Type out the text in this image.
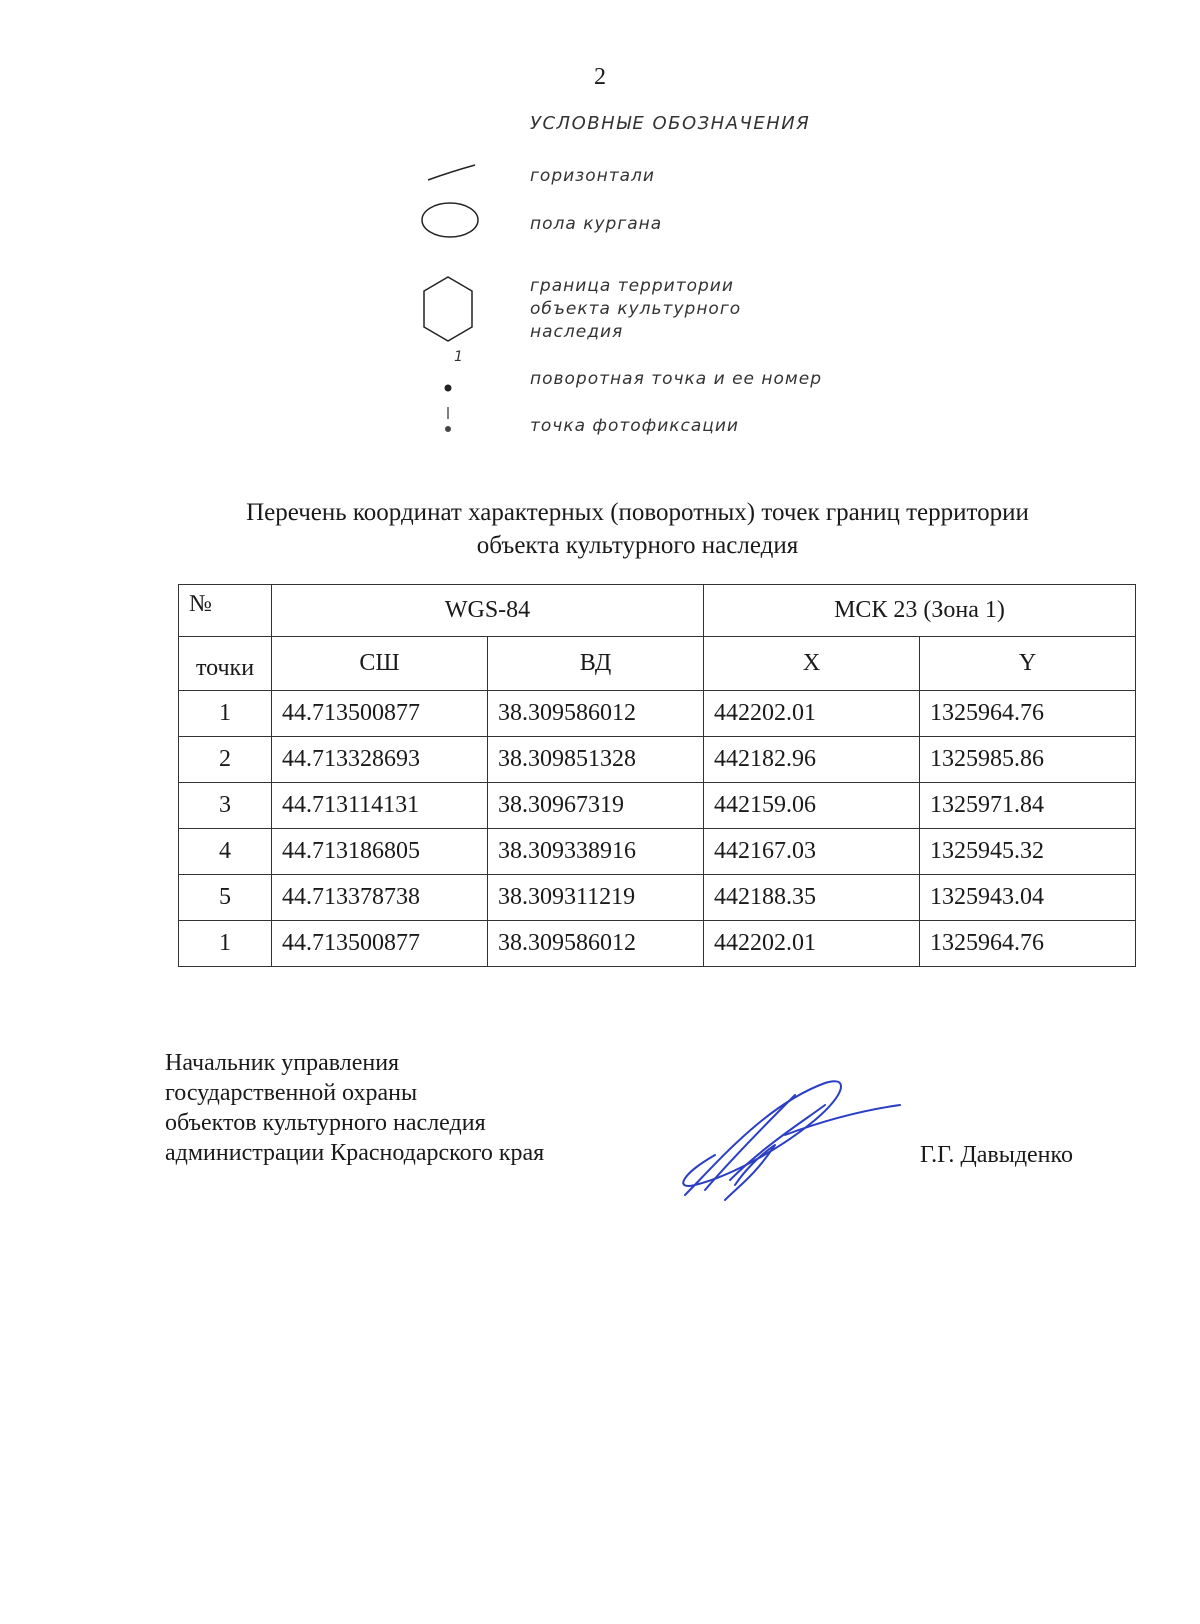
2
УСЛОВНЫЕ ОБОЗНАЧЕНИЯ
горизонтали
пола кургана
граница территории
объекта культурного
наследия
1
поворотная точка и ее номер
точка фотофиксации
Перечень координат характерных (поворотных) точек границ территории
объекта культурного наследия
№	WGS-84		МСК 23 (Зона 1)	
точки	СШ	ВД	X	Y
1	44.713500877	38.309586012	442202.01	1325964.76
2	44.713328693	38.309851328	442182.96	1325985.86
3	44.713114131	38.30967319	442159.06	1325971.84
4	44.713186805	38.309338916	442167.03	1325945.32
5	44.713378738	38.309311219	442188.35	1325943.04
1	44.713500877	38.309586012	442202.01	1325964.76
Начальник управления
государственной охраны
объектов культурного наследия
администрации Краснодарского края	Г.Г. Давыденко
